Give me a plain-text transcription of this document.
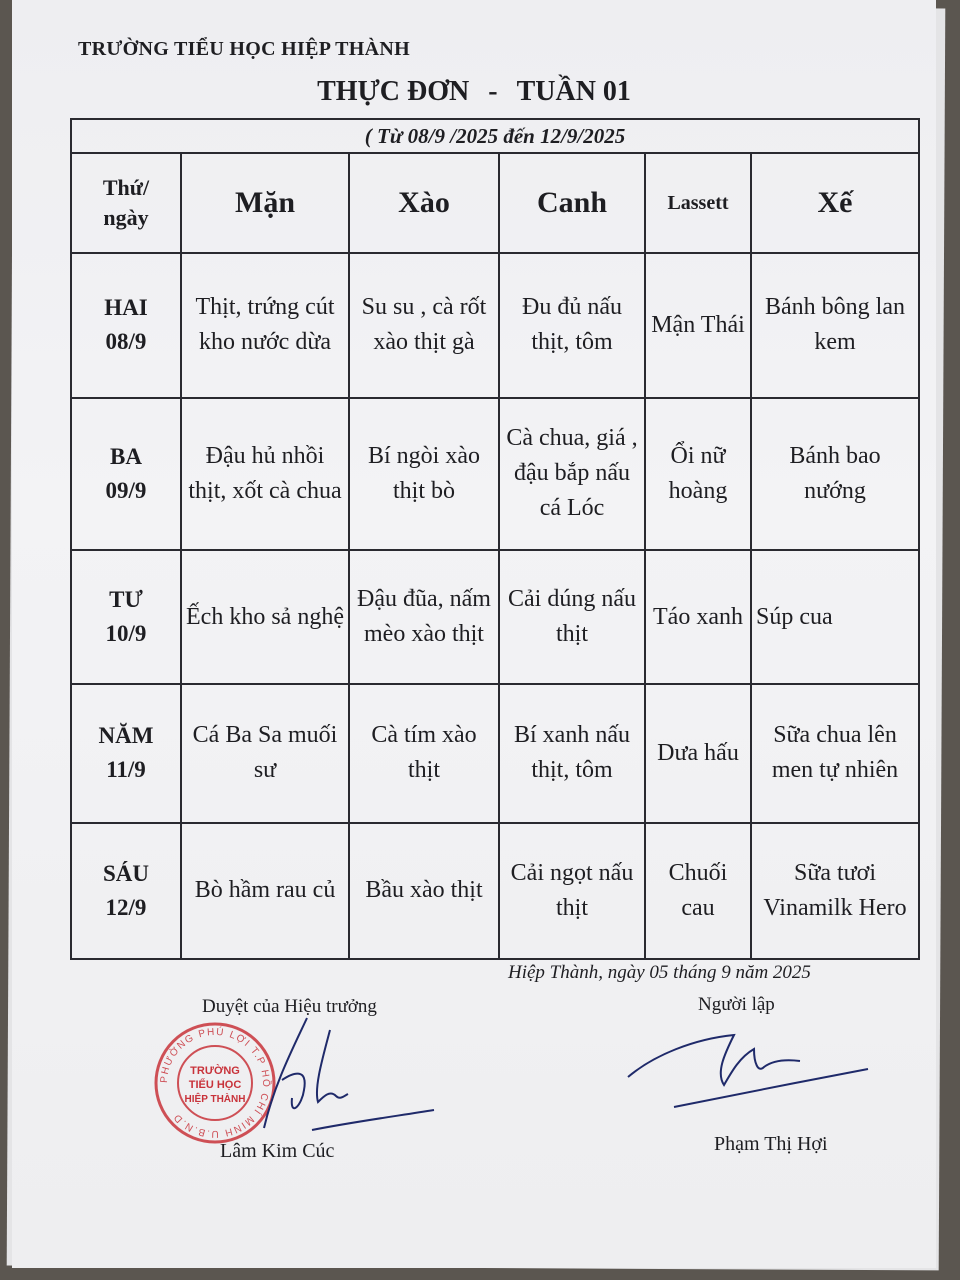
TRƯỜNG TIỂU HỌC HIỆP THÀNH
THỰC ĐƠN - TUẦN 01
( Từ 08/9 /2025 đến 12/9/2025					

Thứ/
ngày	Mặn	Xào	Canh	Lassett	Xế

HAI
08/9	Thịt, trứng cút kho nước dừa	Su su , cà rốt xào thịt gà	Đu đủ nấu thịt, tôm	Mận Thái	Bánh bông lan kem

BA
09/9	Đậu hủ nhồi thịt, xốt cà chua	Bí ngòi xào thịt bò	Cà chua, giá , đậu bắp nấu cá Lóc	Ổi nữ hoàng	Bánh bao nướng

TƯ
10/9	Ếch kho sả nghệ	Đậu đũa, nấm mèo xào thịt	Cải dúng nấu thịt	Táo xanh	Súp cua

NĂM
11/9	Cá Ba Sa muối sư	Cà tím xào thịt	Bí xanh nấu thịt, tôm	Dưa hấu	Sữa chua lên men tự nhiên

SÁU
12/9	Bò hầm rau củ	Bầu xào thịt	Cải ngọt nấu thịt	Chuối cau	Sữa tươi Vinamilk Hero
Hiệp Thành, ngày 05 tháng 9 năm 2025
Duyệt của Hiệu trưởng	Người lập
PHƯỜNG PHÚ LỢI T.P HỒ CHÍ MINH U.B.N.D
TRƯỜNG
TIỂU HỌC
HIỆP THÀNH
Lâm Kim Cúc	Phạm Thị Hợi
